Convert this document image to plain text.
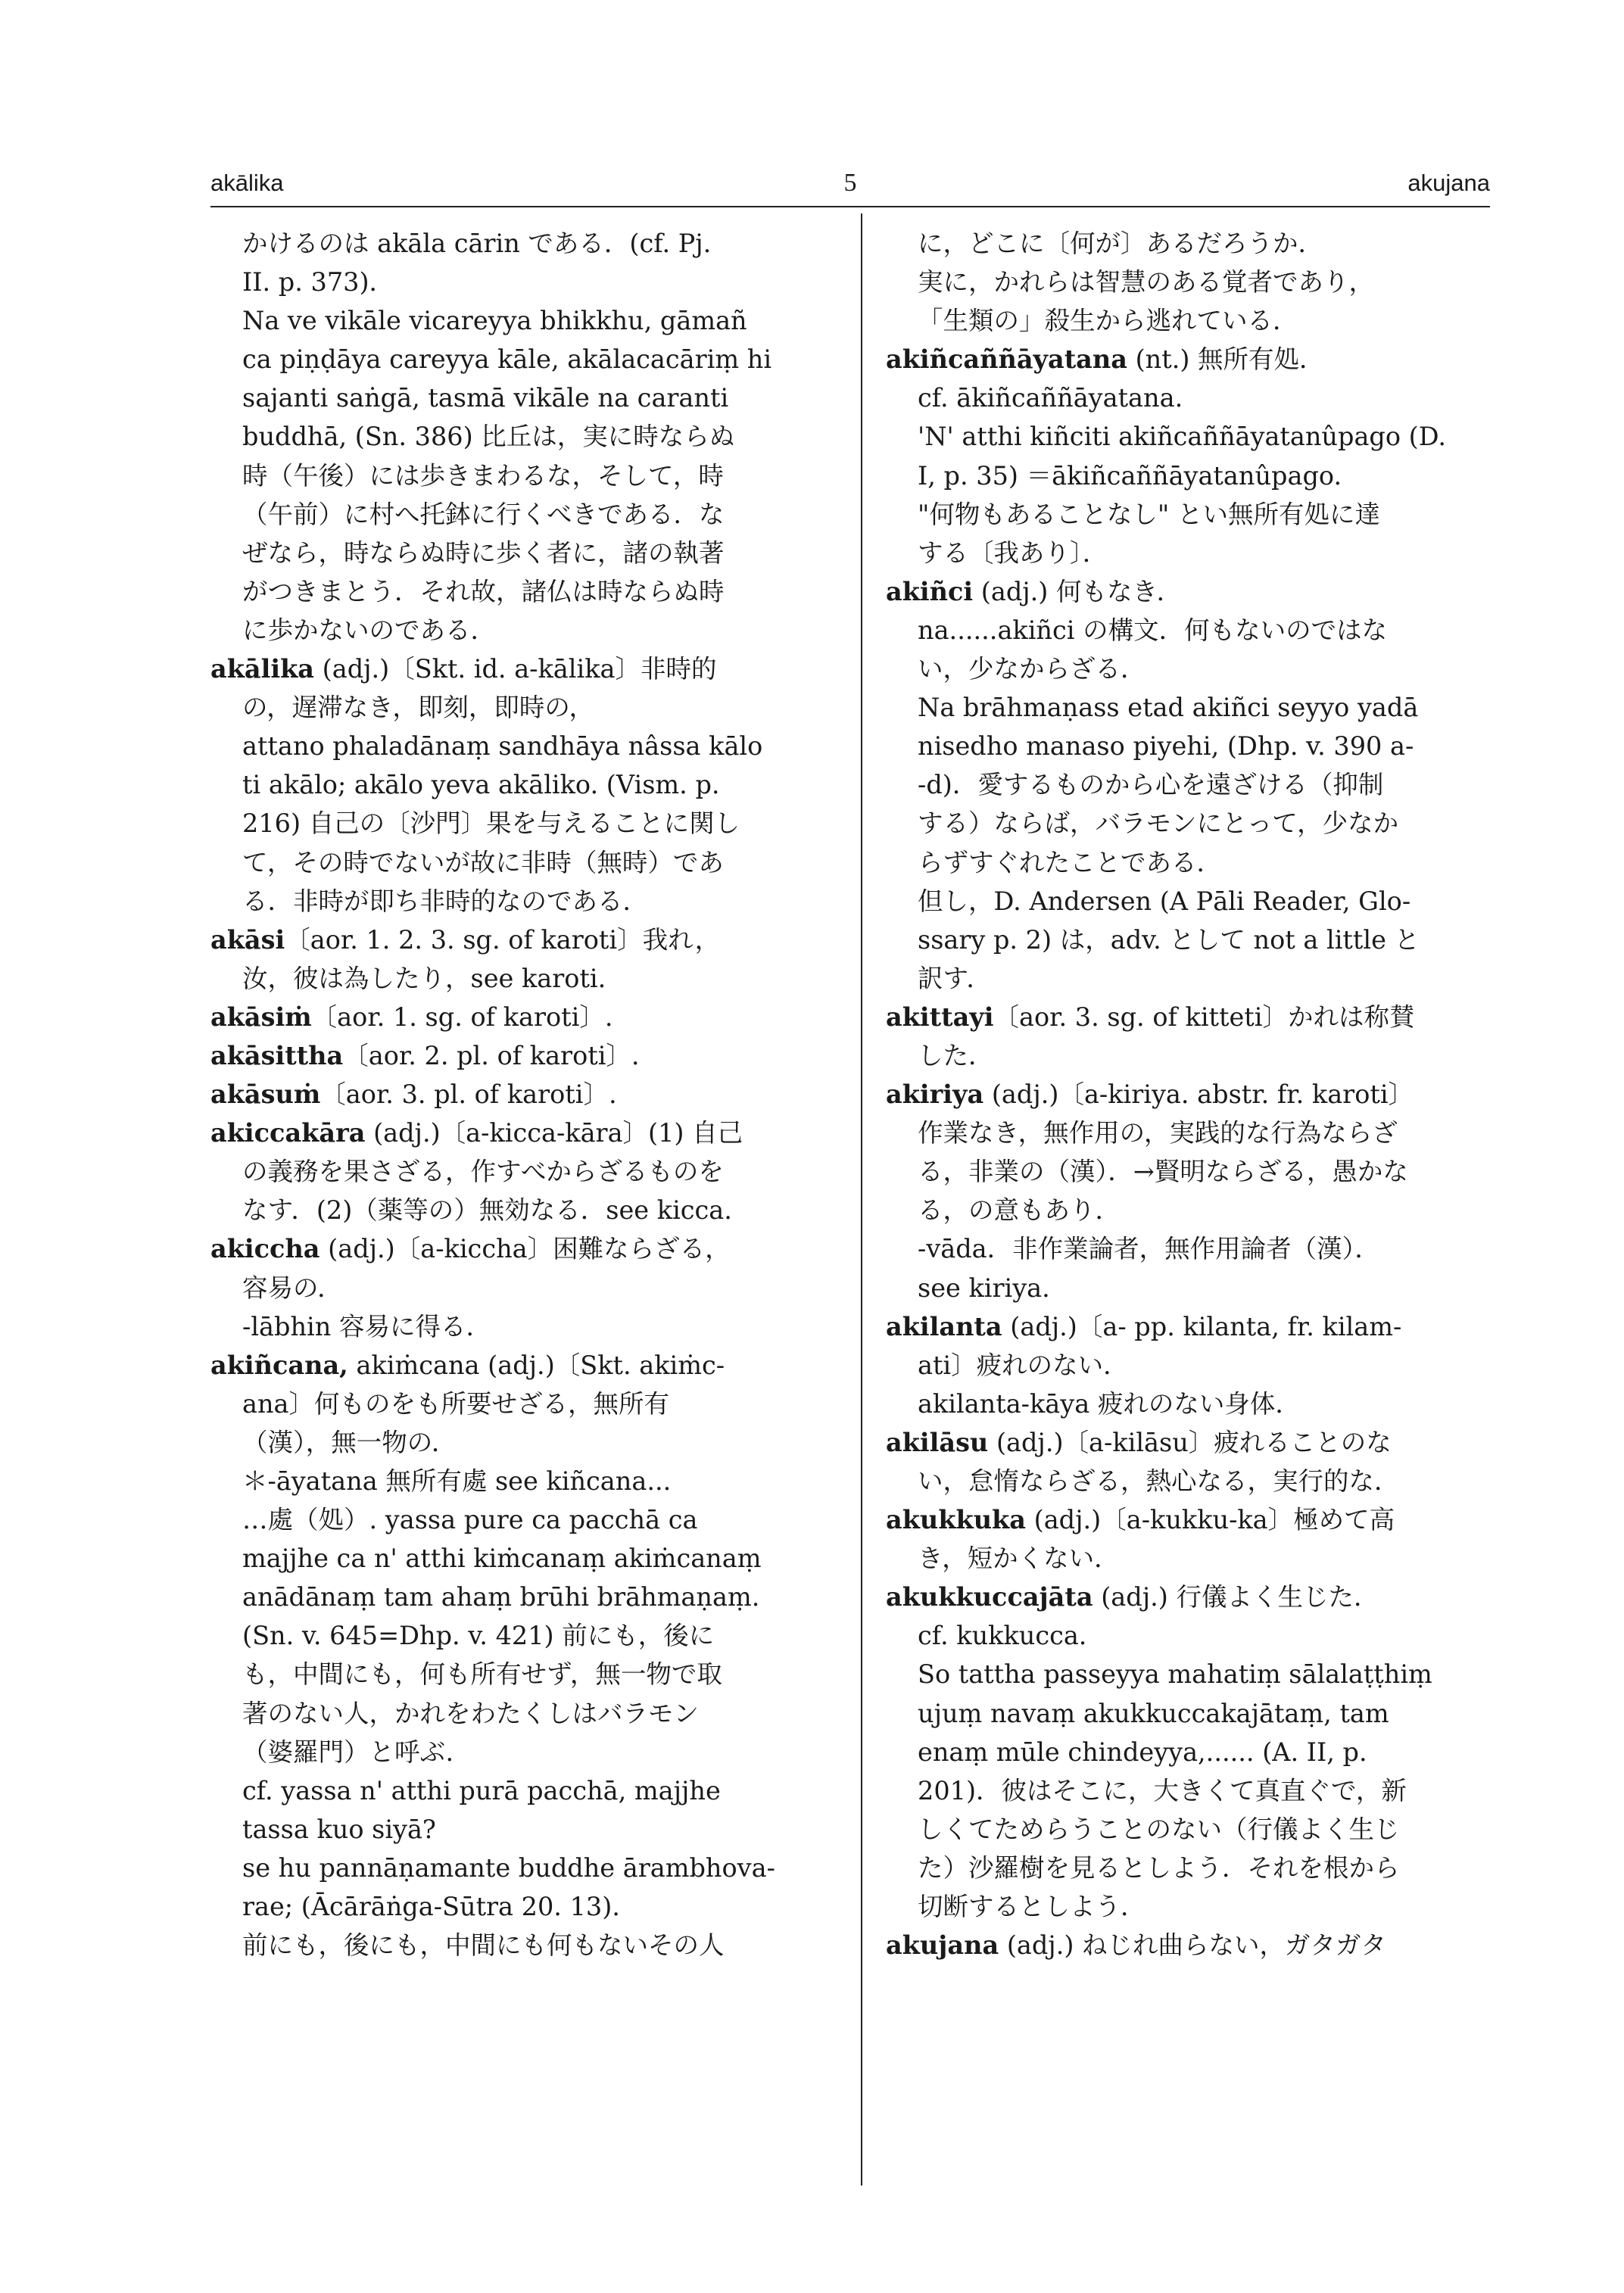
akālika	5	akujana
かけるのは akāla cārin である．(cf. Pj.
II. p. 373)．
Na ve vikāle vicareyya bhikkhu, gāmañ
ca piṇḍāya careyya kāle, akālacacāriṃ hi
sajanti saṅgā, tasmā vikāle na caranti
buddhā, (Sn. 386) 比丘は，実に時ならぬ
時（午後）には歩きまわるな，そして，時
（午前）に村へ托鉢に行くべきである．な
ぜなら，時ならぬ時に歩く者に，諸の執著
がつきまとう．それ故，諸仏は時ならぬ時
に歩かないのである．
akālika (adj.)〔Skt. id. a-kālika〕非時的
の，遅滞なき，即刻，即時の，
attano phaladānaṃ sandhāya nâssa kālo
ti akālo; akālo yeva akāliko. (Vism. p.
216) 自己の〔沙門〕果を与えることに関し
て，その時でないが故に非時（無時）であ
る．非時が即ち非時的なのである．
akāsi〔aor. 1. 2. 3. sg. of karoti〕我れ，
汝，彼は為したり，see karoti.
akāsiṁ〔aor. 1. sg. of karoti〕.
akāsittha〔aor. 2. pl. of karoti〕.
akāsuṁ〔aor. 3. pl. of karoti〕.
akiccakāra (adj.)〔a-kicca-kāra〕(1) 自己
の義務を果さざる，作すべからざるものを
なす．(2)（薬等の）無効なる．see kicca.
akiccha (adj.)〔a-kiccha〕困難ならざる，
容易の．
-lābhin 容易に得る．
akiñcana, akiṁcana (adj.)〔Skt. akiṁc-
ana〕何ものをも所要せざる，無所有
（漢），無一物の．
＊-āyatana 無所有處 see kiñcana...
…處（処）. yassa pure ca pacchā ca
majjhe ca n' atthi kiṁcanaṃ akiṁcanaṃ
anādānaṃ tam ahaṃ brūhi brāhmaṇaṃ.
(Sn. v. 645=Dhp. v. 421) 前にも，後に
も，中間にも，何も所有せず，無一物で取
著のない人，かれをわたくしはバラモン
（婆羅門）と呼ぶ．
cf. yassa n' atthi purā pacchā, majjhe
tassa kuo siyā?
se hu pannāṇamante buddhe ārambhova-
rae; (Ācārāṅga-Sūtra 20. 13).
前にも，後にも，中間にも何もないその人
に，どこに〔何が〕あるだろうか．
実に，かれらは智慧のある覚者であり，
「生類の」殺生から逃れている．
akiñcaññāyatana (nt.) 無所有処．
cf. ākiñcaññāyatana.
'N' atthi kiñciti akiñcaññāyatanûpago (D.
I, p. 35) ＝ākiñcaññāyatanûpago.
"何物もあることなし" とい無所有処に達
する〔我あり〕．
akiñci (adj.) 何もなき．
na......akiñci の構文．何もないのではな
い，少なからざる．
Na brāhmaṇass etad akiñci seyyo yadā
nisedho manaso piyehi, (Dhp. v. 390 a-
-d)．愛するものから心を遠ざける（抑制
する）ならば，バラモンにとって，少なか
らずすぐれたことである．
但し，D. Andersen (A Pāli Reader, Glo-
ssary p. 2) は，adv. として not a little と
訳す．
akittayi〔aor. 3. sg. of kitteti〕かれは称賛
した．
akiriya (adj.)〔a-kiriya. abstr. fr. karoti〕
作業なき，無作用の，実践的な行為ならざ
る，非業の（漢）．→賢明ならざる，愚かな
る，の意もあり．
-vāda．非作業論者，無作用論者（漢）．
see kiriya.
akilanta (adj.)〔a- pp. kilanta, fr. kilam-
ati〕疲れのない．
akilanta-kāya 疲れのない身体．
akilāsu (adj.)〔a-kilāsu〕疲れることのな
い，怠惰ならざる，熱心なる，実行的な．
akukkuka (adj.)〔a-kukku-ka〕極めて高
き，短かくない．
akukkuccajāta (adj.) 行儀よく生じた．
cf. kukkucca.
So tattha passeyya mahatiṃ sālalaṭṭhiṃ
ujuṃ navaṃ akukkuccakajātaṃ, tam
enaṃ mūle chindeyya,...... (A. II, p.
201)．彼はそこに，大きくて真直ぐで，新
しくてためらうことのない（行儀よく生じ
た）沙羅樹を見るとしよう．それを根から
切断するとしよう．
akujana (adj.) ねじれ曲らない，ガタガタ
